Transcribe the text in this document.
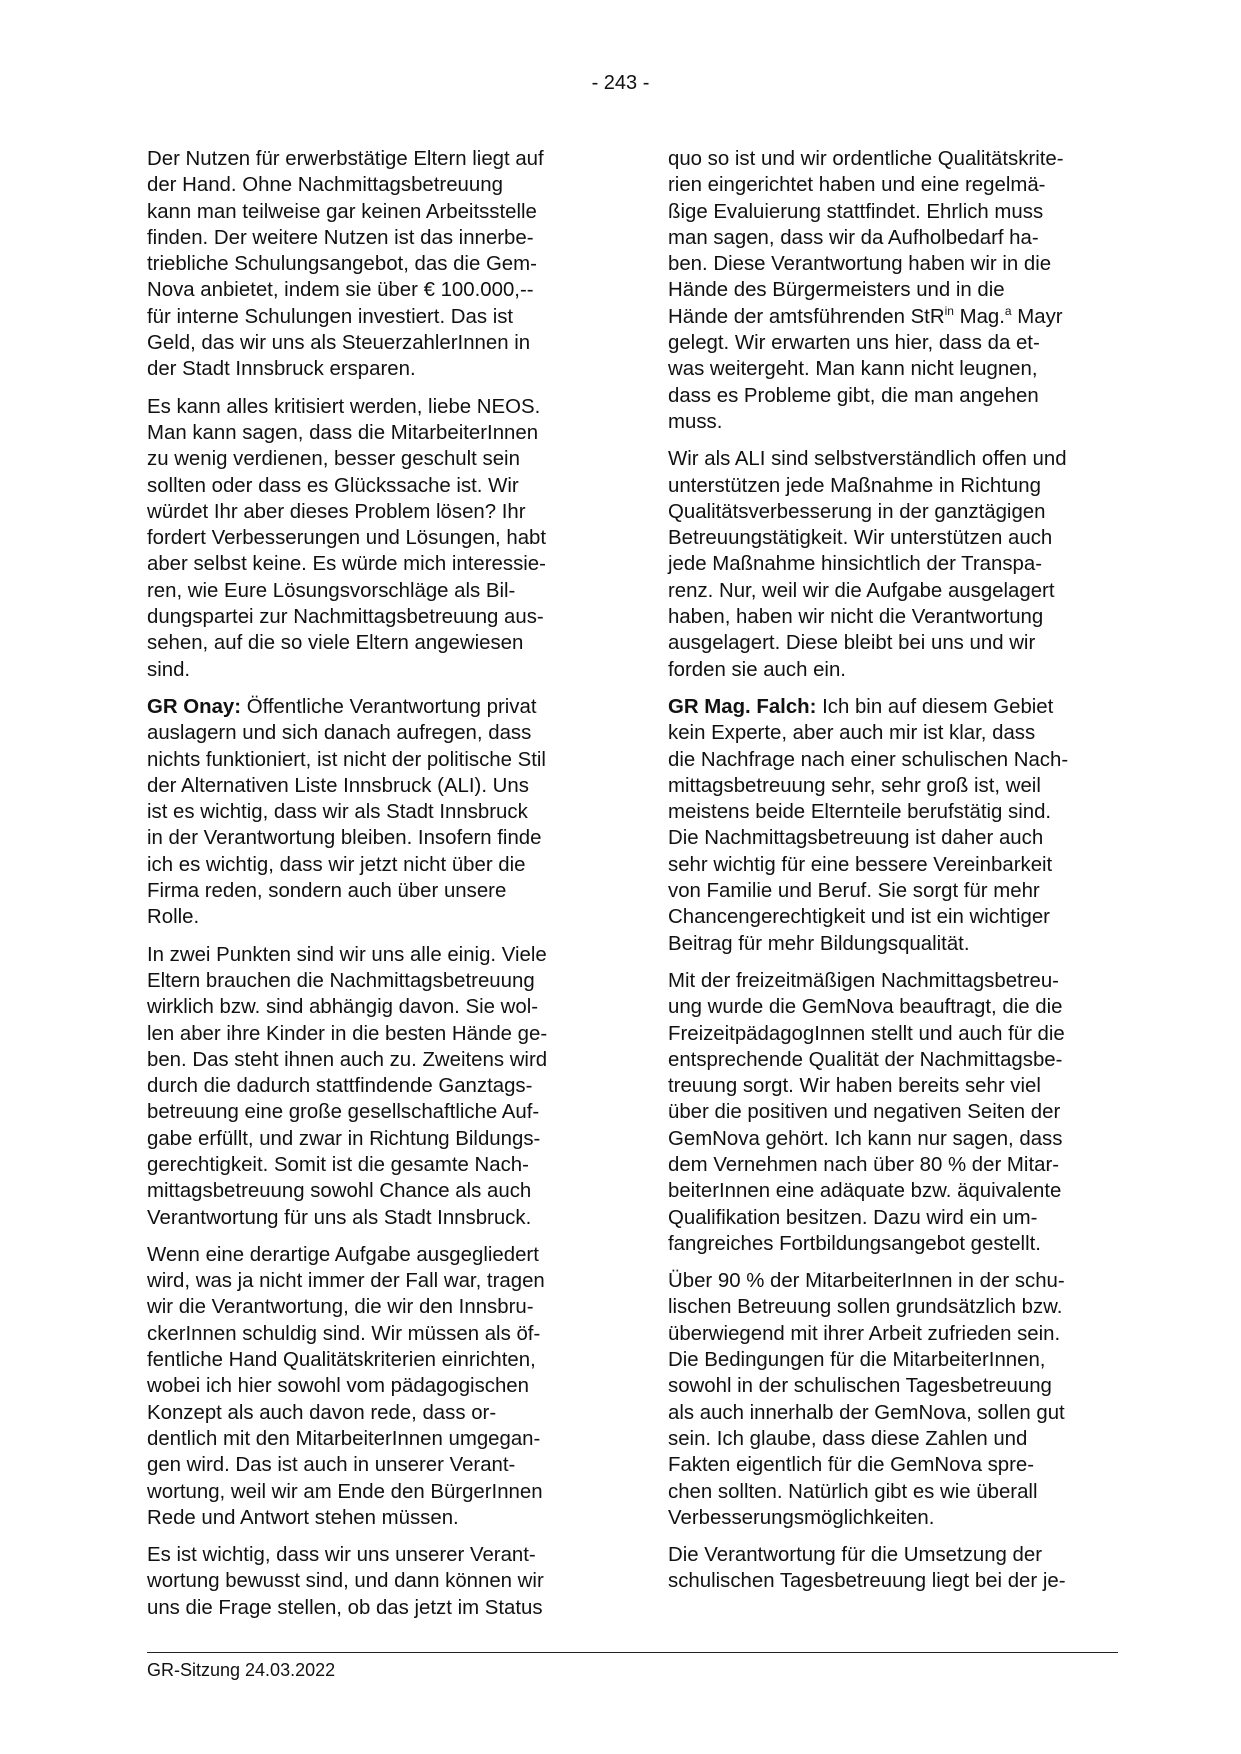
- 243 -

Der Nutzen für erwerbstätige Eltern liegt auf
der Hand. Ohne Nachmittagsbetreuung
kann man teilweise gar keinen Arbeitsstelle
finden. Der weitere Nutzen ist das innerbe-
triebliche Schulungsangebot, das die Gem-
Nova anbietet, indem sie über € 100.000,--
für interne Schulungen investiert. Das ist
Geld, das wir uns als SteuerzahlerInnen in
der Stadt Innsbruck ersparen.

Es kann alles kritisiert werden, liebe NEOS.
Man kann sagen, dass die MitarbeiterInnen
zu wenig verdienen, besser geschult sein
sollten oder dass es Glückssache ist. Wir
würdet Ihr aber dieses Problem lösen? Ihr
fordert Verbesserungen und Lösungen, habt
aber selbst keine. Es würde mich interessie-
ren, wie Eure Lösungsvorschläge als Bil-
dungspartei zur Nachmittagsbetreuung aus-
sehen, auf die so viele Eltern angewiesen
sind.

GR Onay: Öffentliche Verantwortung privat
auslagern und sich danach aufregen, dass
nichts funktioniert, ist nicht der politische Stil
der Alternativen Liste Innsbruck (ALI). Uns
ist es wichtig, dass wir als Stadt Innsbruck
in der Verantwortung bleiben. Insofern finde
ich es wichtig, dass wir jetzt nicht über die
Firma reden, sondern auch über unsere
Rolle.

In zwei Punkten sind wir uns alle einig. Viele
Eltern brauchen die Nachmittagsbetreuung
wirklich bzw. sind abhängig davon. Sie wol-
len aber ihre Kinder in die besten Hände ge-
ben. Das steht ihnen auch zu. Zweitens wird
durch die dadurch stattfindende Ganztags-
betreuung eine große gesellschaftliche Auf-
gabe erfüllt, und zwar in Richtung Bildungs-
gerechtigkeit. Somit ist die gesamte Nach-
mittagsbetreuung sowohl Chance als auch
Verantwortung für uns als Stadt Innsbruck.

Wenn eine derartige Aufgabe ausgegliedert
wird, was ja nicht immer der Fall war, tragen
wir die Verantwortung, die wir den Innsbru-
ckerInnen schuldig sind. Wir müssen als öf-
fentliche Hand Qualitätskriterien einrichten,
wobei ich hier sowohl vom pädagogischen
Konzept als auch davon rede, dass or-
dentlich mit den MitarbeiterInnen umgegan-
gen wird. Das ist auch in unserer Verant-
wortung, weil wir am Ende den BürgerInnen
Rede und Antwort stehen müssen.

Es ist wichtig, dass wir uns unserer Verant-
wortung bewusst sind, und dann können wir
uns die Frage stellen, ob das jetzt im Status

quo so ist und wir ordentliche Qualitätskrite-
rien eingerichtet haben und eine regelmä-
ßige Evaluierung stattfindet. Ehrlich muss
man sagen, dass wir da Aufholbedarf ha-
ben. Diese Verantwortung haben wir in die
Hände des Bürgermeisters und in die
Hände der amtsführenden StR$^{in}$ Mag.$^a$ Mayr
gelegt. Wir erwarten uns hier, dass da et-
was weitergeht. Man kann nicht leugnen,
dass es Probleme gibt, die man angehen
muss.

Wir als ALI sind selbstverständlich offen und
unterstützen jede Maßnahme in Richtung
Qualitätsverbesserung in der ganztägigen
Betreuungstätigkeit. Wir unterstützen auch
jede Maßnahme hinsichtlich der Transpa-
renz. Nur, weil wir die Aufgabe ausgelagert
haben, haben wir nicht die Verantwortung
ausgelagert. Diese bleibt bei uns und wir
forden sie auch ein.

GR Mag. Falch: Ich bin auf diesem Gebiet
kein Experte, aber auch mir ist klar, dass
die Nachfrage nach einer schulischen Nach-
mittagsbetreuung sehr, sehr groß ist, weil
meistens beide Elternteile berufstätig sind.
Die Nachmittagsbetreuung ist daher auch
sehr wichtig für eine bessere Vereinbarkeit
von Familie und Beruf. Sie sorgt für mehr
Chancengerechtigkeit und ist ein wichtiger
Beitrag für mehr Bildungsqualität.

Mit der freizeitmäßigen Nachmittagsbetreu-
ung wurde die GemNova beauftragt, die die
FreizeitpädagogInnen stellt und auch für die
entsprechende Qualität der Nachmittagsbe-
treuung sorgt. Wir haben bereits sehr viel
über die positiven und negativen Seiten der
GemNova gehört. Ich kann nur sagen, dass
dem Vernehmen nach über 80 % der Mitar-
beiterInnen eine adäquate bzw. äquivalente
Qualifikation besitzen. Dazu wird ein um-
fangreiches Fortbildungsangebot gestellt.

Über 90 % der MitarbeiterInnen in der schu-
lischen Betreuung sollen grundsätzlich bzw.
überwiegend mit ihrer Arbeit zufrieden sein.
Die Bedingungen für die MitarbeiterInnen,
sowohl in der schulischen Tagesbetreuung
als auch innerhalb der GemNova, sollen gut
sein. Ich glaube, dass diese Zahlen und
Fakten eigentlich für die GemNova spre-
chen sollten. Natürlich gibt es wie überall
Verbesserungsmöglichkeiten.

Die Verantwortung für die Umsetzung der
schulischen Tagesbetreuung liegt bei der je-

GR-Sitzung 24.03.2022
